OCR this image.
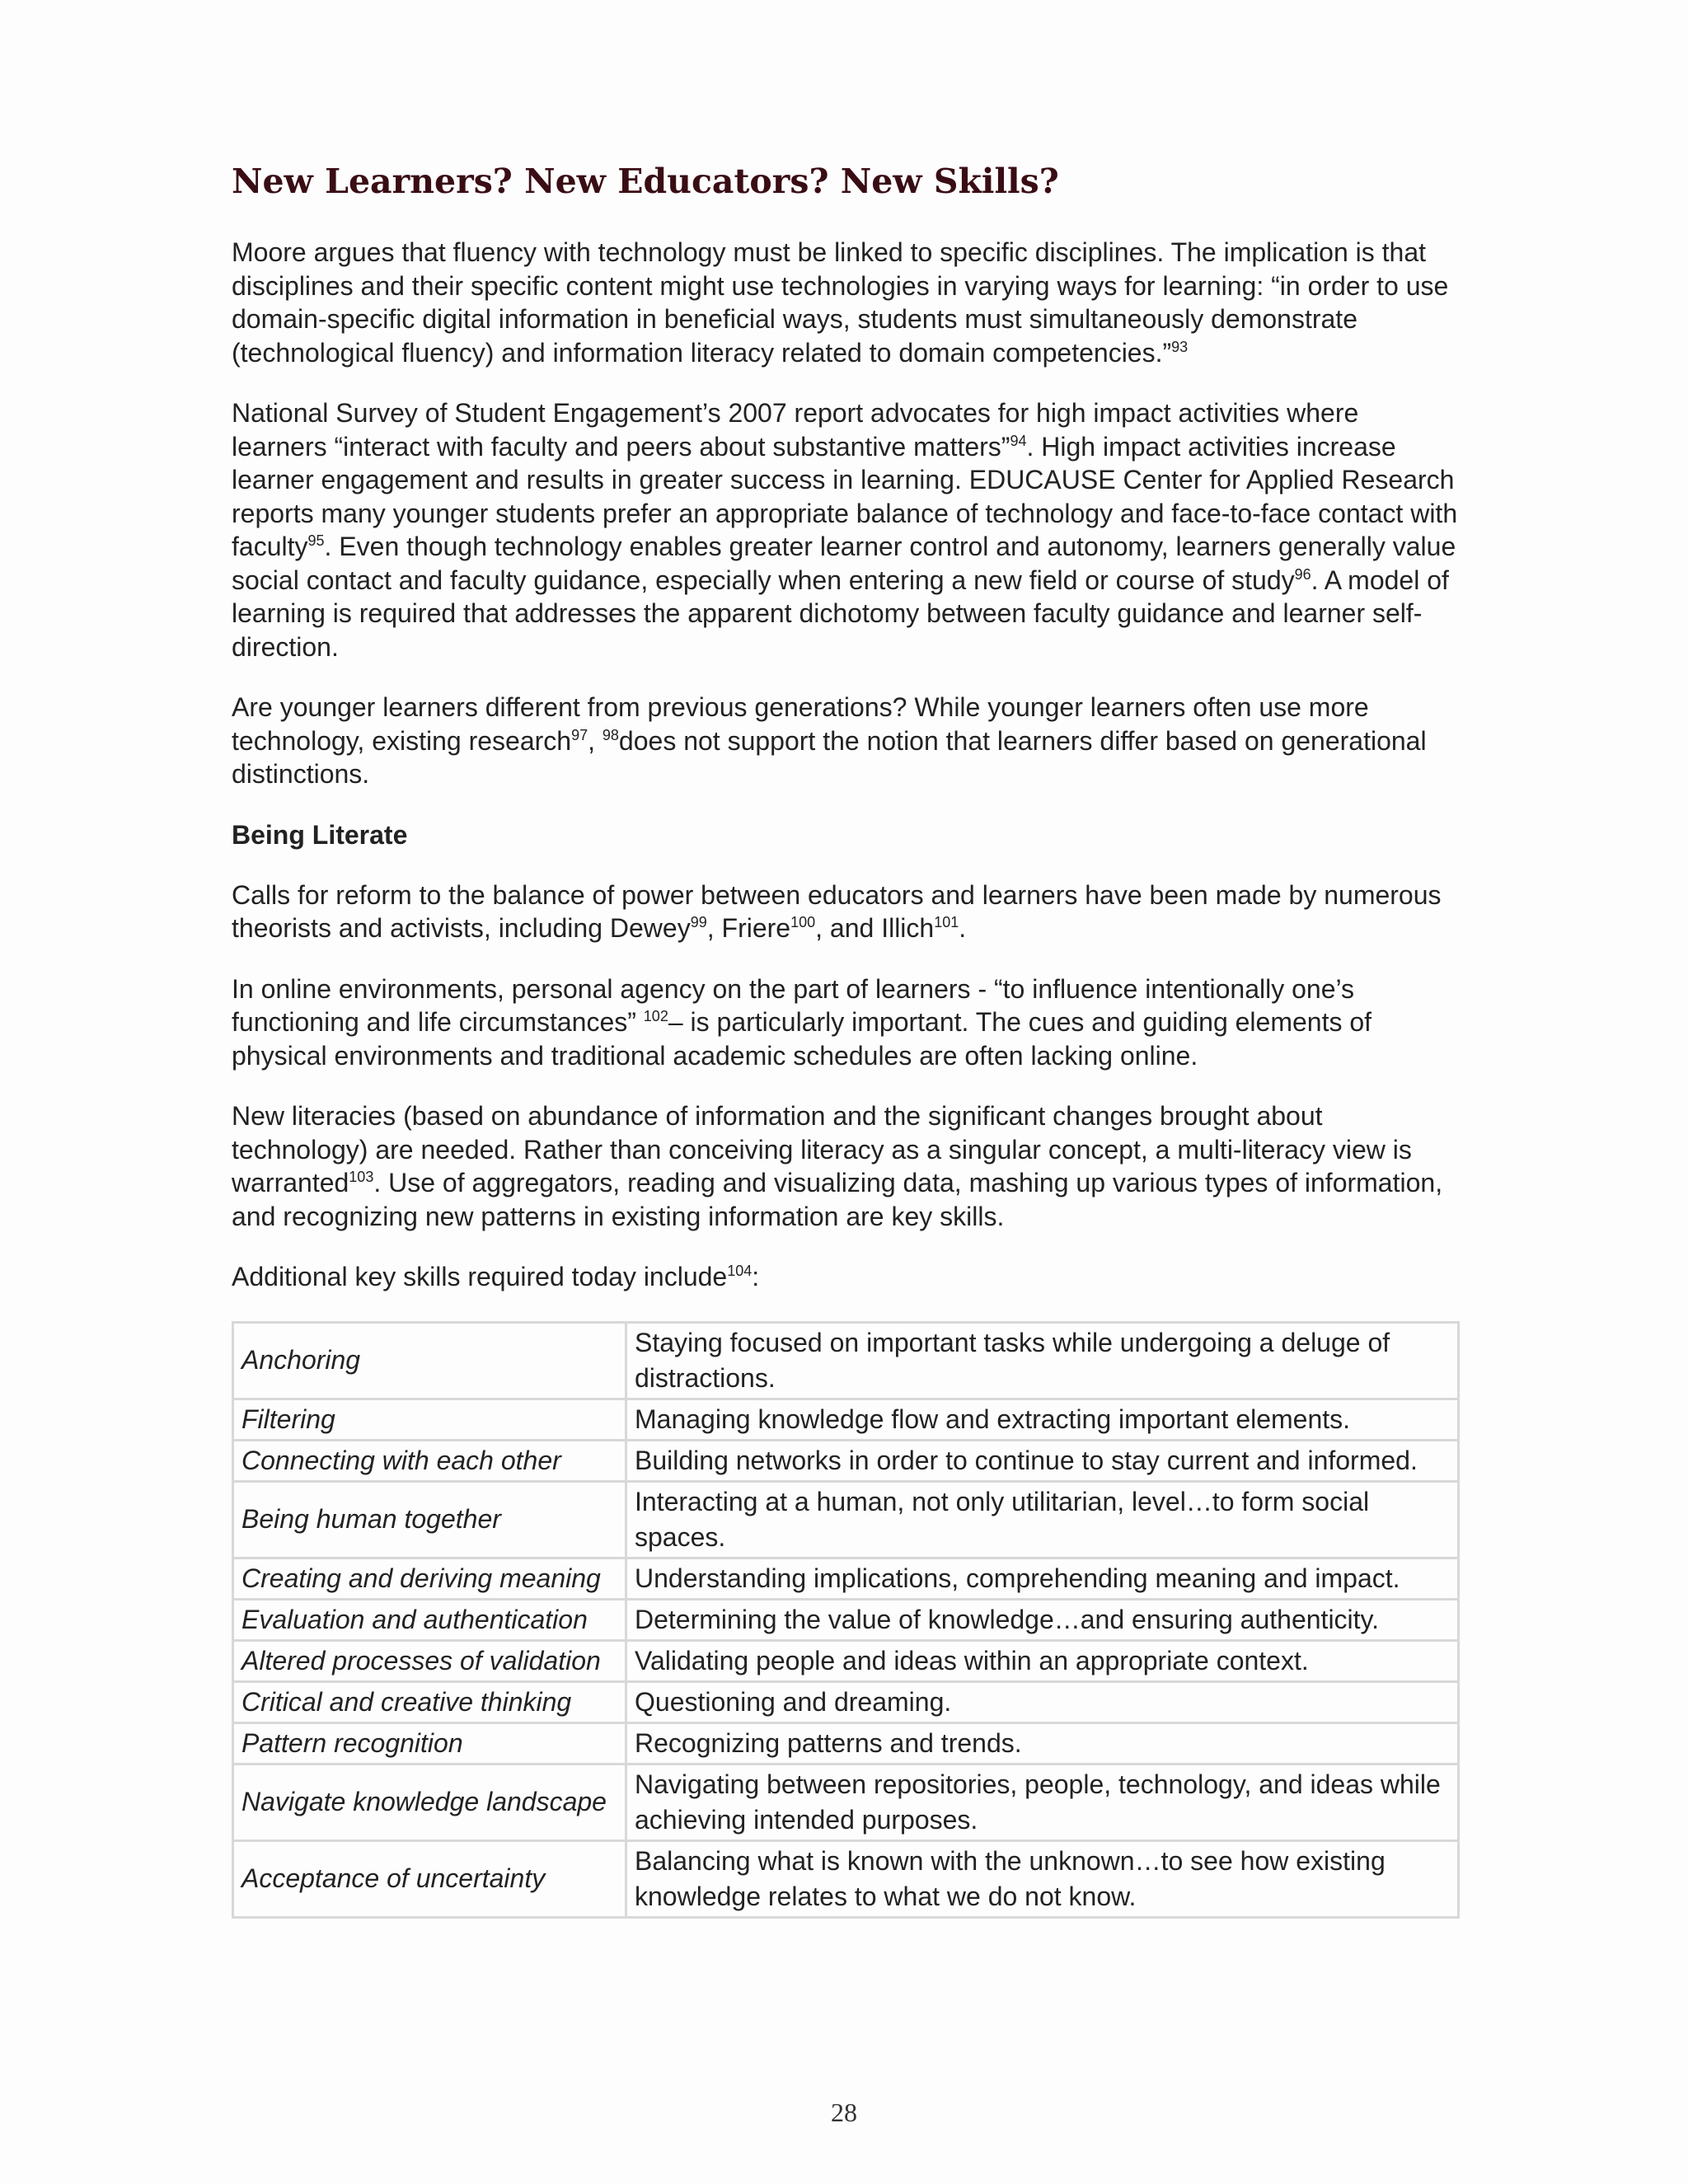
New Learners? New Educators? New Skills?

Moore argues that fluency with technology must be linked to specific disciplines. The implication is that disciplines and their specific content might use technologies in varying ways for learning: “in order to use domain-specific digital information in beneficial ways, students must simultaneously demonstrate (technological fluency) and information literacy related to domain competencies.”$^{93}$

National Survey of Student Engagement’s 2007 report advocates for high impact activities where learners “interact with faculty and peers about substantive matters”$^{94}$. High impact activities increase learner engagement and results in greater success in learning. EDUCAUSE Center for Applied Research reports many younger students prefer an appropriate balance of technology and face-to-face contact with faculty$^{95}$. Even though technology enables greater learner control and autonomy, learners generally value social contact and faculty guidance, especially when entering a new field or course of study$^{96}$. A model of learning is required that addresses the apparent dichotomy between faculty guidance and learner self-direction.

Are younger learners different from previous generations? While younger learners often use more technology, existing research$^{97}$, $^{98}$does not support the notion that learners differ based on generational distinctions.

Being Literate

Calls for reform to the balance of power between educators and learners have been made by numerous theorists and activists, including Dewey$^{99}$, Friere$^{100}$, and Illich$^{101}$.

In online environments, personal agency on the part of learners - “to influence intentionally one’s functioning and life circumstances” $^{102}$– is particularly important. The cues and guiding elements of physical environments and traditional academic schedules are often lacking online.

New literacies (based on abundance of information and the significant changes brought about technology) are needed. Rather than conceiving literacy as a singular concept, a multi-literacy view is warranted$^{103}$. Use of aggregators, reading and visualizing data, mashing up various types of information, and recognizing new patterns in existing information are key skills.

Additional key skills required today include$^{104}$:

Anchoring	Staying focused on important tasks while undergoing a deluge of distractions.
Filtering	Managing knowledge flow and extracting important elements.
Connecting with each other	Building networks in order to continue to stay current and informed.
Being human together	Interacting at a human, not only utilitarian, level…to form social spaces.
Creating and deriving meaning	Understanding implications, comprehending meaning and impact.
Evaluation and authentication	Determining the value of knowledge…and ensuring authenticity.
Altered processes of validation	Validating people and ideas within an appropriate context.
Critical and creative thinking	Questioning and dreaming.
Pattern recognition	Recognizing patterns and trends.
Navigate knowledge landscape	Navigating between repositories, people, technology, and ideas while achieving intended purposes.
Acceptance of uncertainty	Balancing what is known with the unknown…to see how existing knowledge relates to what we do not know.
28
